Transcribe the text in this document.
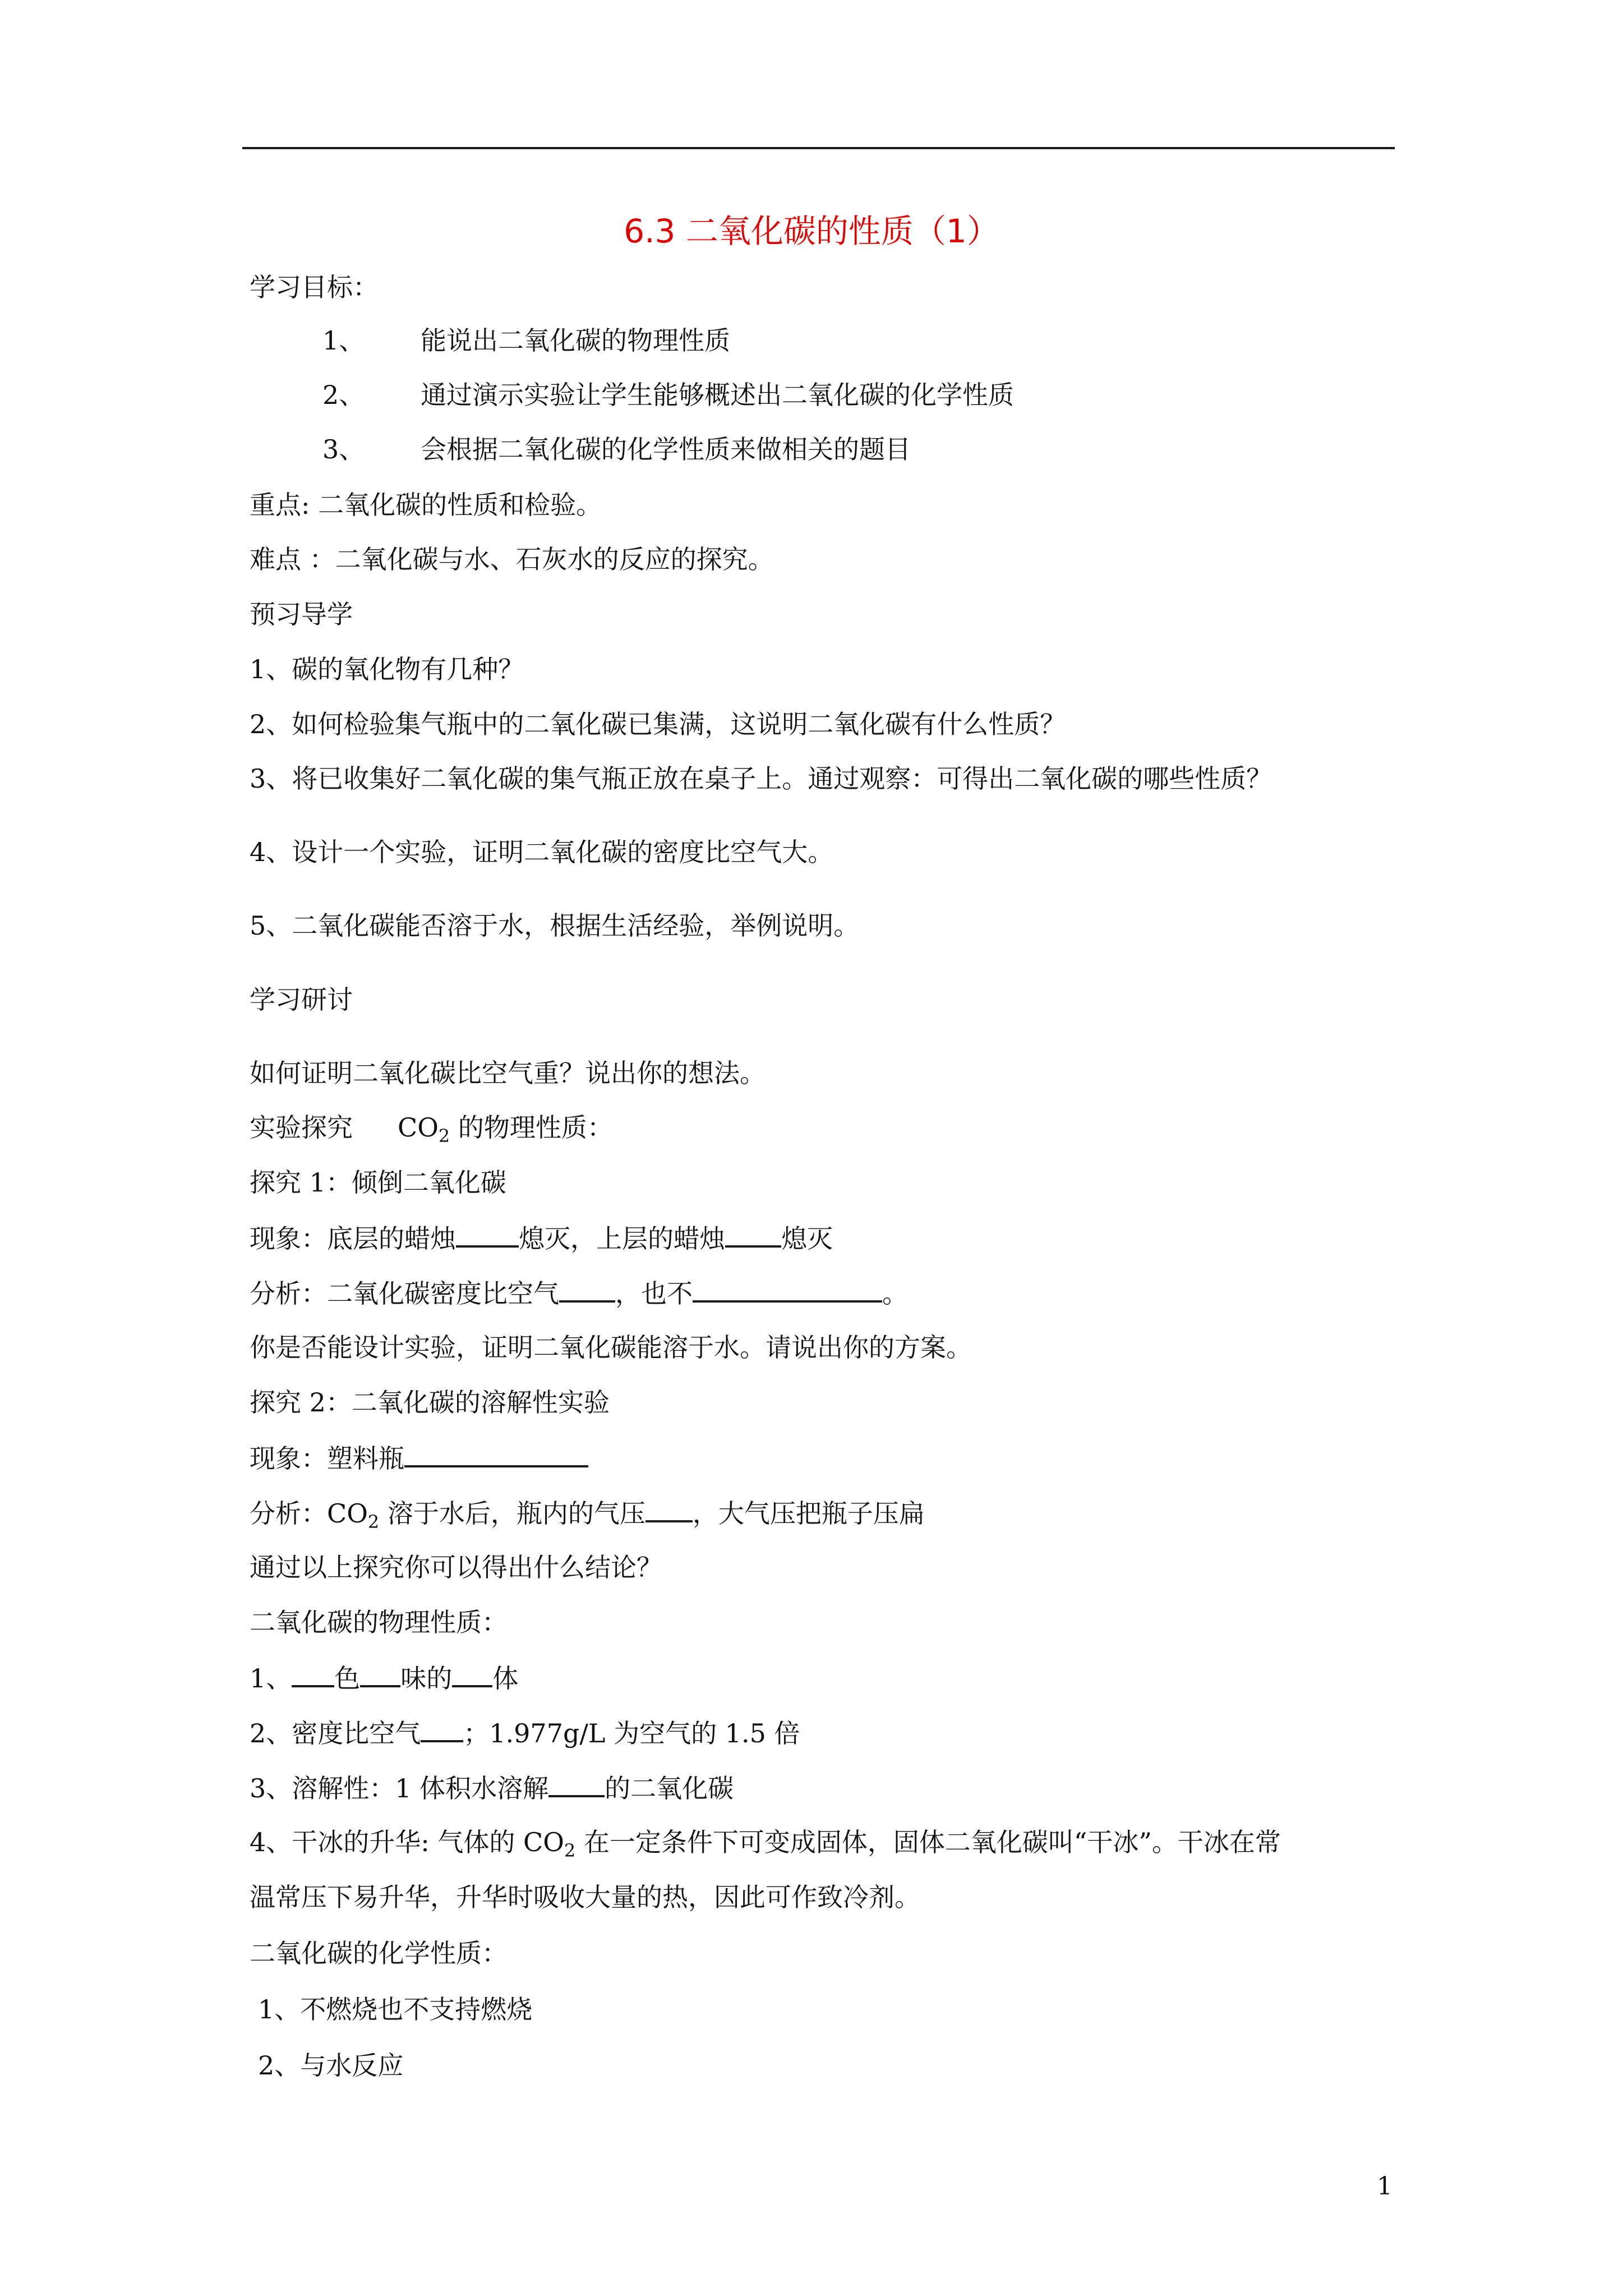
6.3 二氧化碳的性质（1）
学习目标：
1、 能说出二氧化碳的物理性质
2、 通过演示实验让学生能够概述出二氧化碳的化学性质
3、 会根据二氧化碳的化学性质来做相关的题目
重点: 二氧化碳的性质和检验。
难点 ：二氧化碳与水、石灰水的反应的探究。
预习导学
1、碳的氧化物有几种？
2、如何检验集气瓶中的二氧化碳已集满，这说明二氧化碳有什么性质？
3、将已收集好二氧化碳的集气瓶正放在桌子上。通过观察：可得出二氧化碳的哪些性质？
4、设计一个实验，证明二氧化碳的密度比空气大。
5、二氧化碳能否溶于水，根据生活经验，举例说明。
学习研讨
如何证明二氧化碳比空气重？说出你的想法。
实验探究 $CO_2$ 的物理性质：
探究 1：倾倒二氧化碳
现象：底层的蜡烛 熄灭，上层的蜡烛 熄灭
分析：二氧化碳密度比空气 ，也不	。
你是否能设计实验，证明二氧化碳能溶于水。请说出你的方案。
探究 2：二氧化碳的溶解性实验
现象：塑料瓶
分析：$CO_2$ 溶于水后，瓶内的气压 ，大气压把瓶子压扁
通过以上探究你可以得出什么结论？
二氧化碳的物理性质：
1、 色 味的 体
2、密度比空气 ；1.977g/L 为空气的 1.5 倍
3、溶解性：1 体积水溶解 的二氧化碳
4、干冰的升华: 气体的 $CO_2$ 在一定条件下可变成固体，固体二氧化碳叫“干冰”。干冰在常
温常压下易升华，升华时吸收大量的热，因此可作致冷剂。
二氧化碳的化学性质：
1、不燃烧也不支持燃烧
2、与水反应
1
